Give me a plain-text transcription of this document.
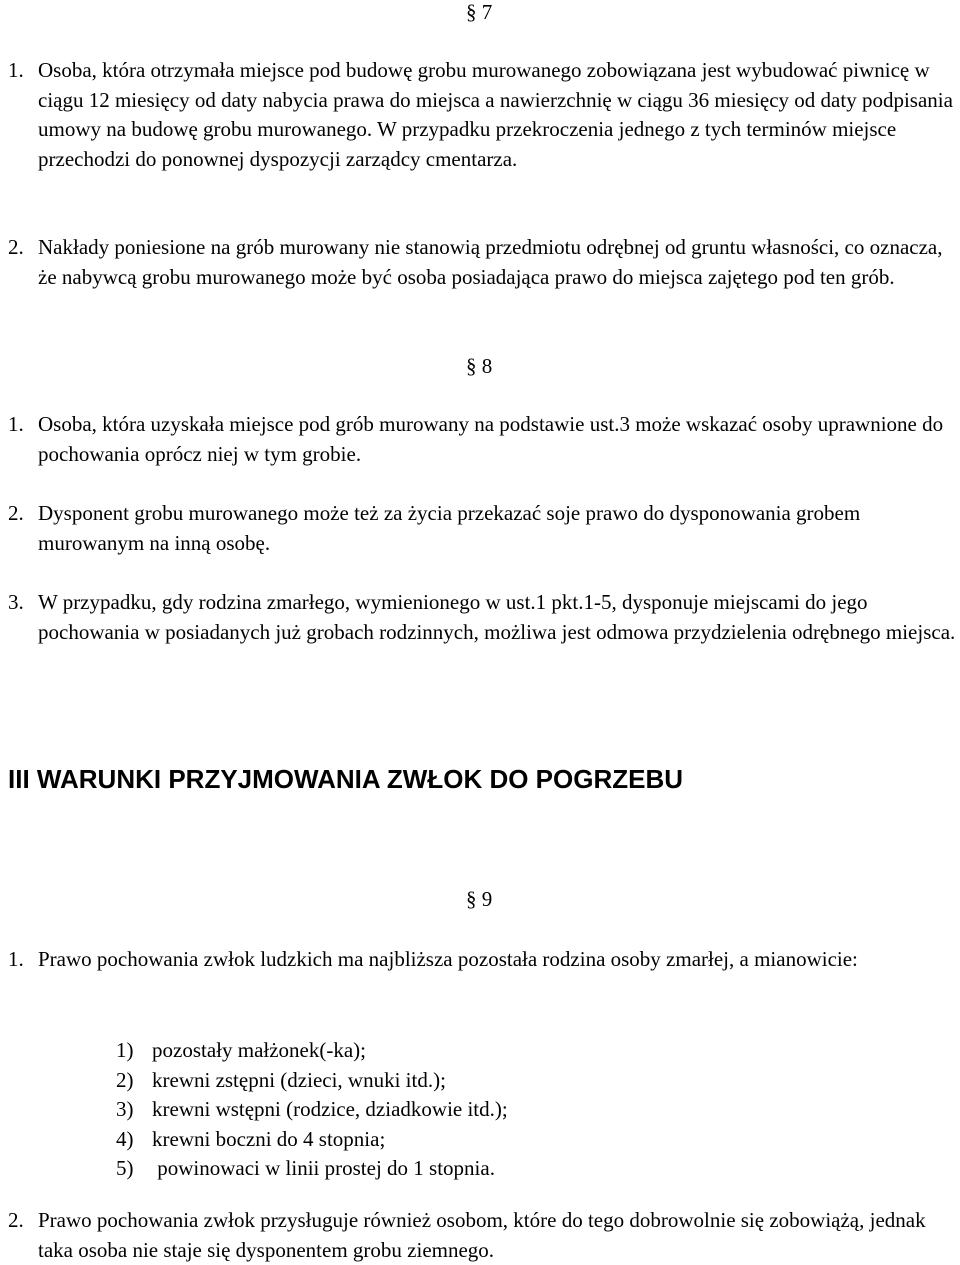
§ 7
1. Osoba, która otrzymała miejsce pod budowę grobu murowanego zobowiązana jest wybudować piwnicę w ciągu 12 miesięcy od daty nabycia prawa do miejsca a nawierzchnię w ciągu 36 miesięcy od daty podpisania umowy na budowę grobu murowanego. W przypadku przekroczenia jednego z tych terminów miejsce przechodzi do ponownej dyspozycji zarządcy cmentarza.
2. Nakłady poniesione na grób murowany nie stanowią przedmiotu odrębnej od gruntu własności, co oznacza, że nabywcą grobu murowanego może być osoba posiadająca prawo do miejsca zajętego pod ten grób.
§ 8
1. Osoba, która uzyskała miejsce pod grób murowany na podstawie ust.3 może wskazać osoby uprawnione do pochowania oprócz niej w tym grobie.
2. Dysponent grobu murowanego może też za życia przekazać soje prawo do dysponowania grobem murowanym na inną osobę.
3. W przypadku, gdy rodzina zmarłego, wymienionego w ust.1 pkt.1-5, dysponuje miejscami do jego pochowania w posiadanych już grobach rodzinnych, możliwa jest odmowa przydzielenia odrębnego miejsca.
III WARUNKI PRZYJMOWANIA ZWŁOK DO POGRZEBU
§ 9
1. Prawo pochowania zwłok ludzkich ma najbliższa pozostała rodzina osoby zmarłej, a mianowicie:
1) pozostały małżonek(-ka);
2) krewni zstępni (dzieci, wnuki itd.);
3) krewni wstępni (rodzice, dziadkowie itd.);
4) krewni boczni do 4 stopnia;
5) powinowaci w linii prostej do 1 stopnia.
2. Prawo pochowania zwłok przysługuje również osobom, które do tego dobrowolnie się zobowiążą, jednak taka osoba nie staje się dysponentem grobu ziemnego.
